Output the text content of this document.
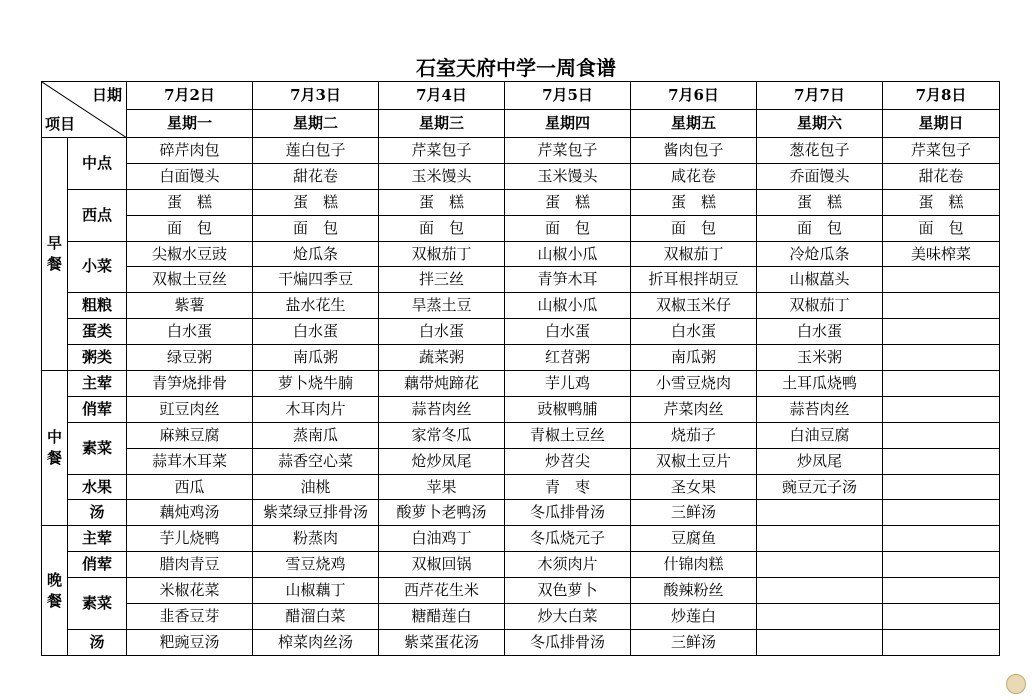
石室天府中学一周食谱
日期
项目		7月2日	7月3日	7月4日	7月5日	7月6日	7月7日	7月8日
		星期一	星期二	星期三	星期四	星期五	星期六	星期日
早餐	中点	碎芹肉包	莲白包子	芹菜包子	芹菜包子	酱肉包子	葱花包子	芹菜包子
		白面馒头	甜花卷	玉米馒头	玉米馒头	咸花卷	乔面馒头	甜花卷
	西点	蛋　糕	蛋　糕	蛋　糕	蛋　糕	蛋　糕	蛋　糕	蛋　糕
		面　包	面　包	面　包	面　包	面　包	面　包	面　包
	小菜	尖椒水豆豉	炝瓜条	双椒茄丁	山椒小瓜	双椒茄丁	冷炝瓜条	美味榨菜
		双椒土豆丝	干煸四季豆	拌三丝	青笋木耳	折耳根拌胡豆	山椒藠头	
	粗粮	紫薯	盐水花生	旱蒸土豆	山椒小瓜	双椒玉米仔	双椒茄丁	
	蛋类	白水蛋	白水蛋	白水蛋	白水蛋	白水蛋	白水蛋	
	粥类	绿豆粥	南瓜粥	蔬菜粥	红苕粥	南瓜粥	玉米粥	
中餐	主荤	青笋烧排骨	萝卜烧牛腩	藕带炖蹄花	芋儿鸡	小雪豆烧肉	土耳瓜烧鸭	
	俏荤	豇豆肉丝	木耳肉片	蒜苔肉丝	豉椒鸭脯	芹菜肉丝	蒜苔肉丝	
	素菜	麻辣豆腐	蒸南瓜	家常冬瓜	青椒土豆丝	烧茄子	白油豆腐	
		蒜茸木耳菜	蒜香空心菜	炝炒凤尾	炒苕尖	双椒土豆片	炒凤尾	
	水果	西瓜	油桃	苹果	青　枣	圣女果	豌豆元子汤	
	汤	藕炖鸡汤	紫菜绿豆排骨汤	酸萝卜老鸭汤	冬瓜排骨汤	三鲜汤		
晚餐	主荤	芋儿烧鸭	粉蒸肉	白油鸡丁	冬瓜烧元子	豆腐鱼		
	俏荤	腊肉青豆	雪豆烧鸡	双椒回锅	木须肉片	什锦肉糕		
	素菜	米椒花菜	山椒藕丁	西芹花生米	双色萝卜	酸辣粉丝		
		韭香豆芽	醋溜白菜	糖醋莲白	炒大白菜	炒莲白		
	汤	粑豌豆汤	榨菜肉丝汤	紫菜蛋花汤	冬瓜排骨汤	三鲜汤		
